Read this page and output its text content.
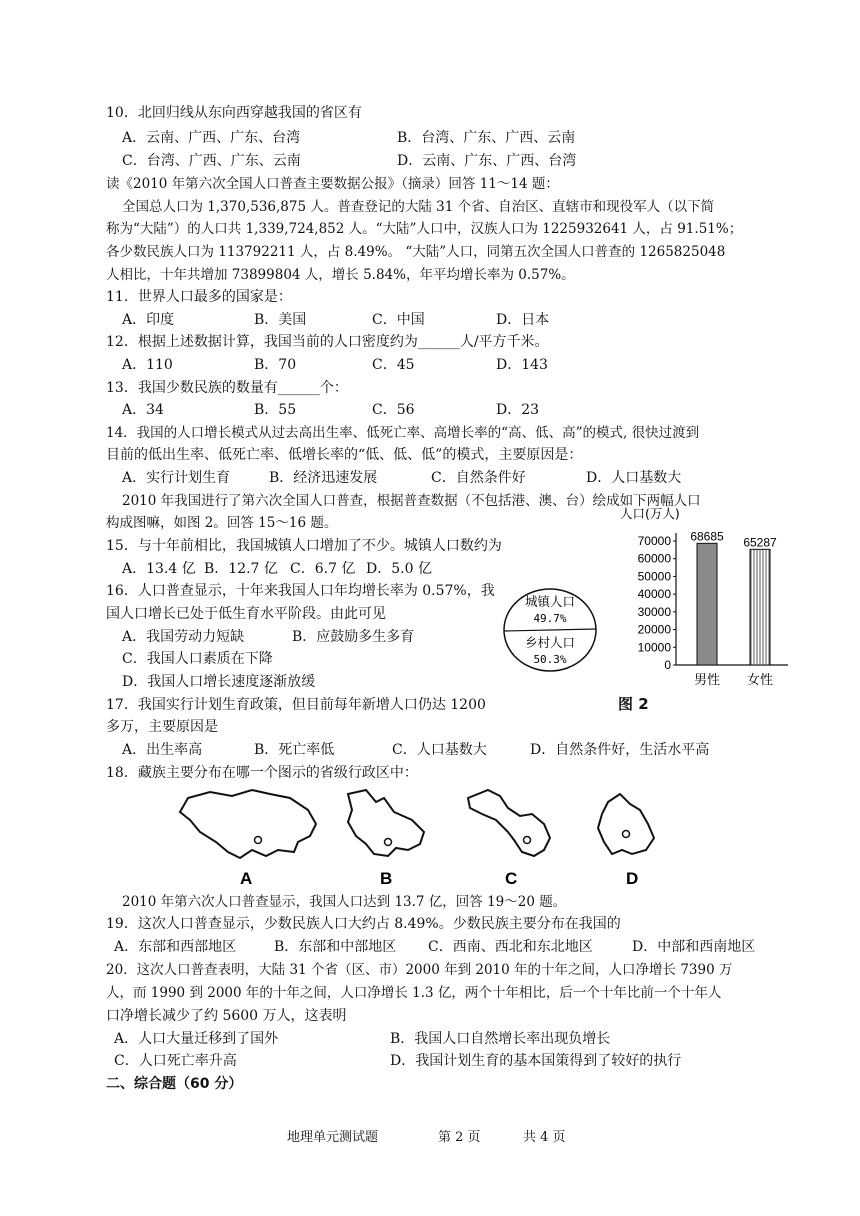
10．北回归线从东向西穿越我国的省区有
A．云南、广西、广东、台湾	B．台湾、广东、广西、云南
C．台湾、广西、广东、云南	D．云南、广东、广西、台湾
读《2010 年第六次全国人口普查主要数据公报》（摘录）回答 11～14 题：
全国总人口为 1,370,536,875 人。普查登记的大陆 31 个省、自治区、直辖市和现役军人（以下简
称为“大陆”）的人口共 1,339,724,852 人。“大陆”人口中，汉族人口为 1225932641 人，占 91.51%；
各少数民族人口为 113792211 人，占 8.49%。 “大陆”人口，同第五次全国人口普查的 1265825048
人相比，十年共增加 73899804 人，增长 5.84%，年平均增长率为 0.57%。
11．世界人口最多的国家是：
A．印度	B．美国	C．中国	D．日本
12．根据上述数据计算，我国当前的人口密度约为______人/平方千米。
A．110	B．70	C．45	D．143
13．我国少数民族的数量有______个：
A．34	B．55	C．56	D．23
14．我国的人口增长模式从过去高出生率、低死亡率、高增长率的“高、低、高”的模式, 很快过渡到
目前的低出生率、低死亡率、低增长率的“低、低、低”的模式，主要原因是：
A．实行计划生育	B．经济迅速发展	C．自然条件好	D．人口基数大
2010 年我国进行了第六次全国人口普查，根据普查数据（不包括港、澳、台）绘成如下两幅人口
构成图嘛，如图 2。回答 15～16 题。
15．与十年前相比，我国城镇人口增加了不少。城镇人口数约为
A．13.4 亿 B．12.7 亿 C．6.7 亿 D．5.0 亿
16．人口普查显示，十年来我国人口年均增长率为 0.57%，我
国人口增长已处于低生育水平阶段。由此可见
A．我国劳动力短缺	B．应鼓励多生多育
C．我国人口素质在下降
D．我国人口增长速度逐渐放缓
17．我国实行计划生育政策，但目前每年新增人口仍达 1200
多万，主要原因是
A．出生率高	B．死亡率低	C．人口基数大	D．自然条件好，生活水平高
18．藏族主要分布在哪一个图示的省级行政区中：
A	B	C	D
2010 年第六次人口普查显示，我国人口达到 13.7 亿，回答 19～20 题。
19．这次人口普查显示，少数民族人口大约占 8.49%。少数民族主要分布在我国的
A．东部和西部地区	B．东部和中部地区 C．西南、西北和东北地区	D．中部和西南地区
20．这次人口普查表明，大陆 31 个省（区、市）2000 年到 2010 年的十年之间，人口净增长 7390 万
人，而 1990 到 2000 年的十年之间，人口净增长 1.3 亿，两个十年相比，后一个十年比前一个十年人
口净增长减少了约 5600 万人，这表明
A．人口大量迁移到了国外	B．我国人口自然增长率出现负增长
C．人口死亡率升高	D．我国计划生育的基本国策得到了较好的执行
二、综合题（60 分）
城镇人口
49.7%
乡村人口
50.3%
人口(万人)
70000
60000
50000
40000
30000
20000
10000
0
68685 65287
男性 女性
图 2
地理单元测试题	第 2 页	共 4 页
